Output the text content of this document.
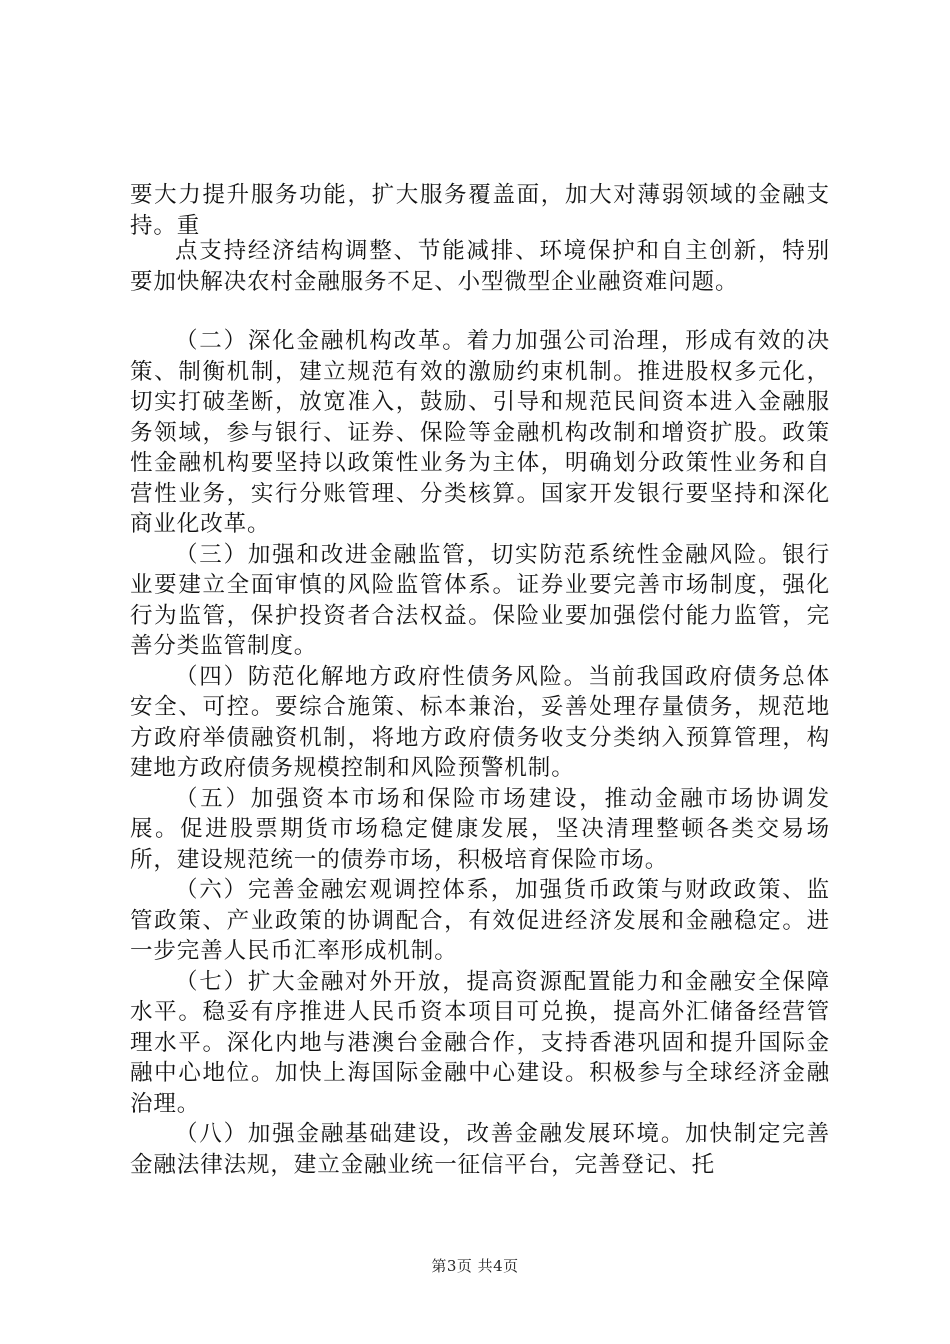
要大力提升服务功能，扩大服务覆盖面，加大对薄弱领域的金融支持。重

点支持经济结构调整、节能减排、环境保护和自主创新，特别要加快解决农村金融服务不足、小型微型企业融资难问题。

（二）深化金融机构改革。着力加强公司治理，形成有效的决策、制衡机制，建立规范有效的激励约束机制。推进股权多元化，切实打破垄断，放宽准入，鼓励、引导和规范民间资本进入金融服务领域，参与银行、证券、保险等金融机构改制和增资扩股。政策性金融机构要坚持以政策性业务为主体，明确划分政策性业务和自营性业务，实行分账管理、分类核算。国家开发银行要坚持和深化商业化改革。

（三）加强和改进金融监管，切实防范系统性金融风险。银行业要建立全面审慎的风险监管体系。证券业要完善市场制度，强化行为监管，保护投资者合法权益。保险业要加强偿付能力监管，完善分类监管制度。

（四）防范化解地方政府性债务风险。当前我国政府债务总体安全、可控。要综合施策、标本兼治，妥善处理存量债务，规范地方政府举债融资机制，将地方政府债务收支分类纳入预算管理，构建地方政府债务规模控制和风险预警机制。

（五）加强资本市场和保险市场建设，推动金融市场协调发展。促进股票期货市场稳定健康发展，坚决清理整顿各类交易场所，建设规范统一的债券市场，积极培育保险市场。

（六）完善金融宏观调控体系，加强货币政策与财政政策、监管政策、产业政策的协调配合，有效促进经济发展和金融稳定。进一步完善人民币汇率形成机制。

（七）扩大金融对外开放，提高资源配置能力和金融安全保障水平。稳妥有序推进人民币资本项目可兑换，提高外汇储备经营管理水平。深化内地与港澳台金融合作，支持香港巩固和提升国际金融中心地位。加快上海国际金融中心建设。积极参与全球经济金融治理。

（八）加强金融基础建设，改善金融发展环境。加快制定完善金融法律法规，建立金融业统一征信平台，完善登记、托

第3页 共4页
